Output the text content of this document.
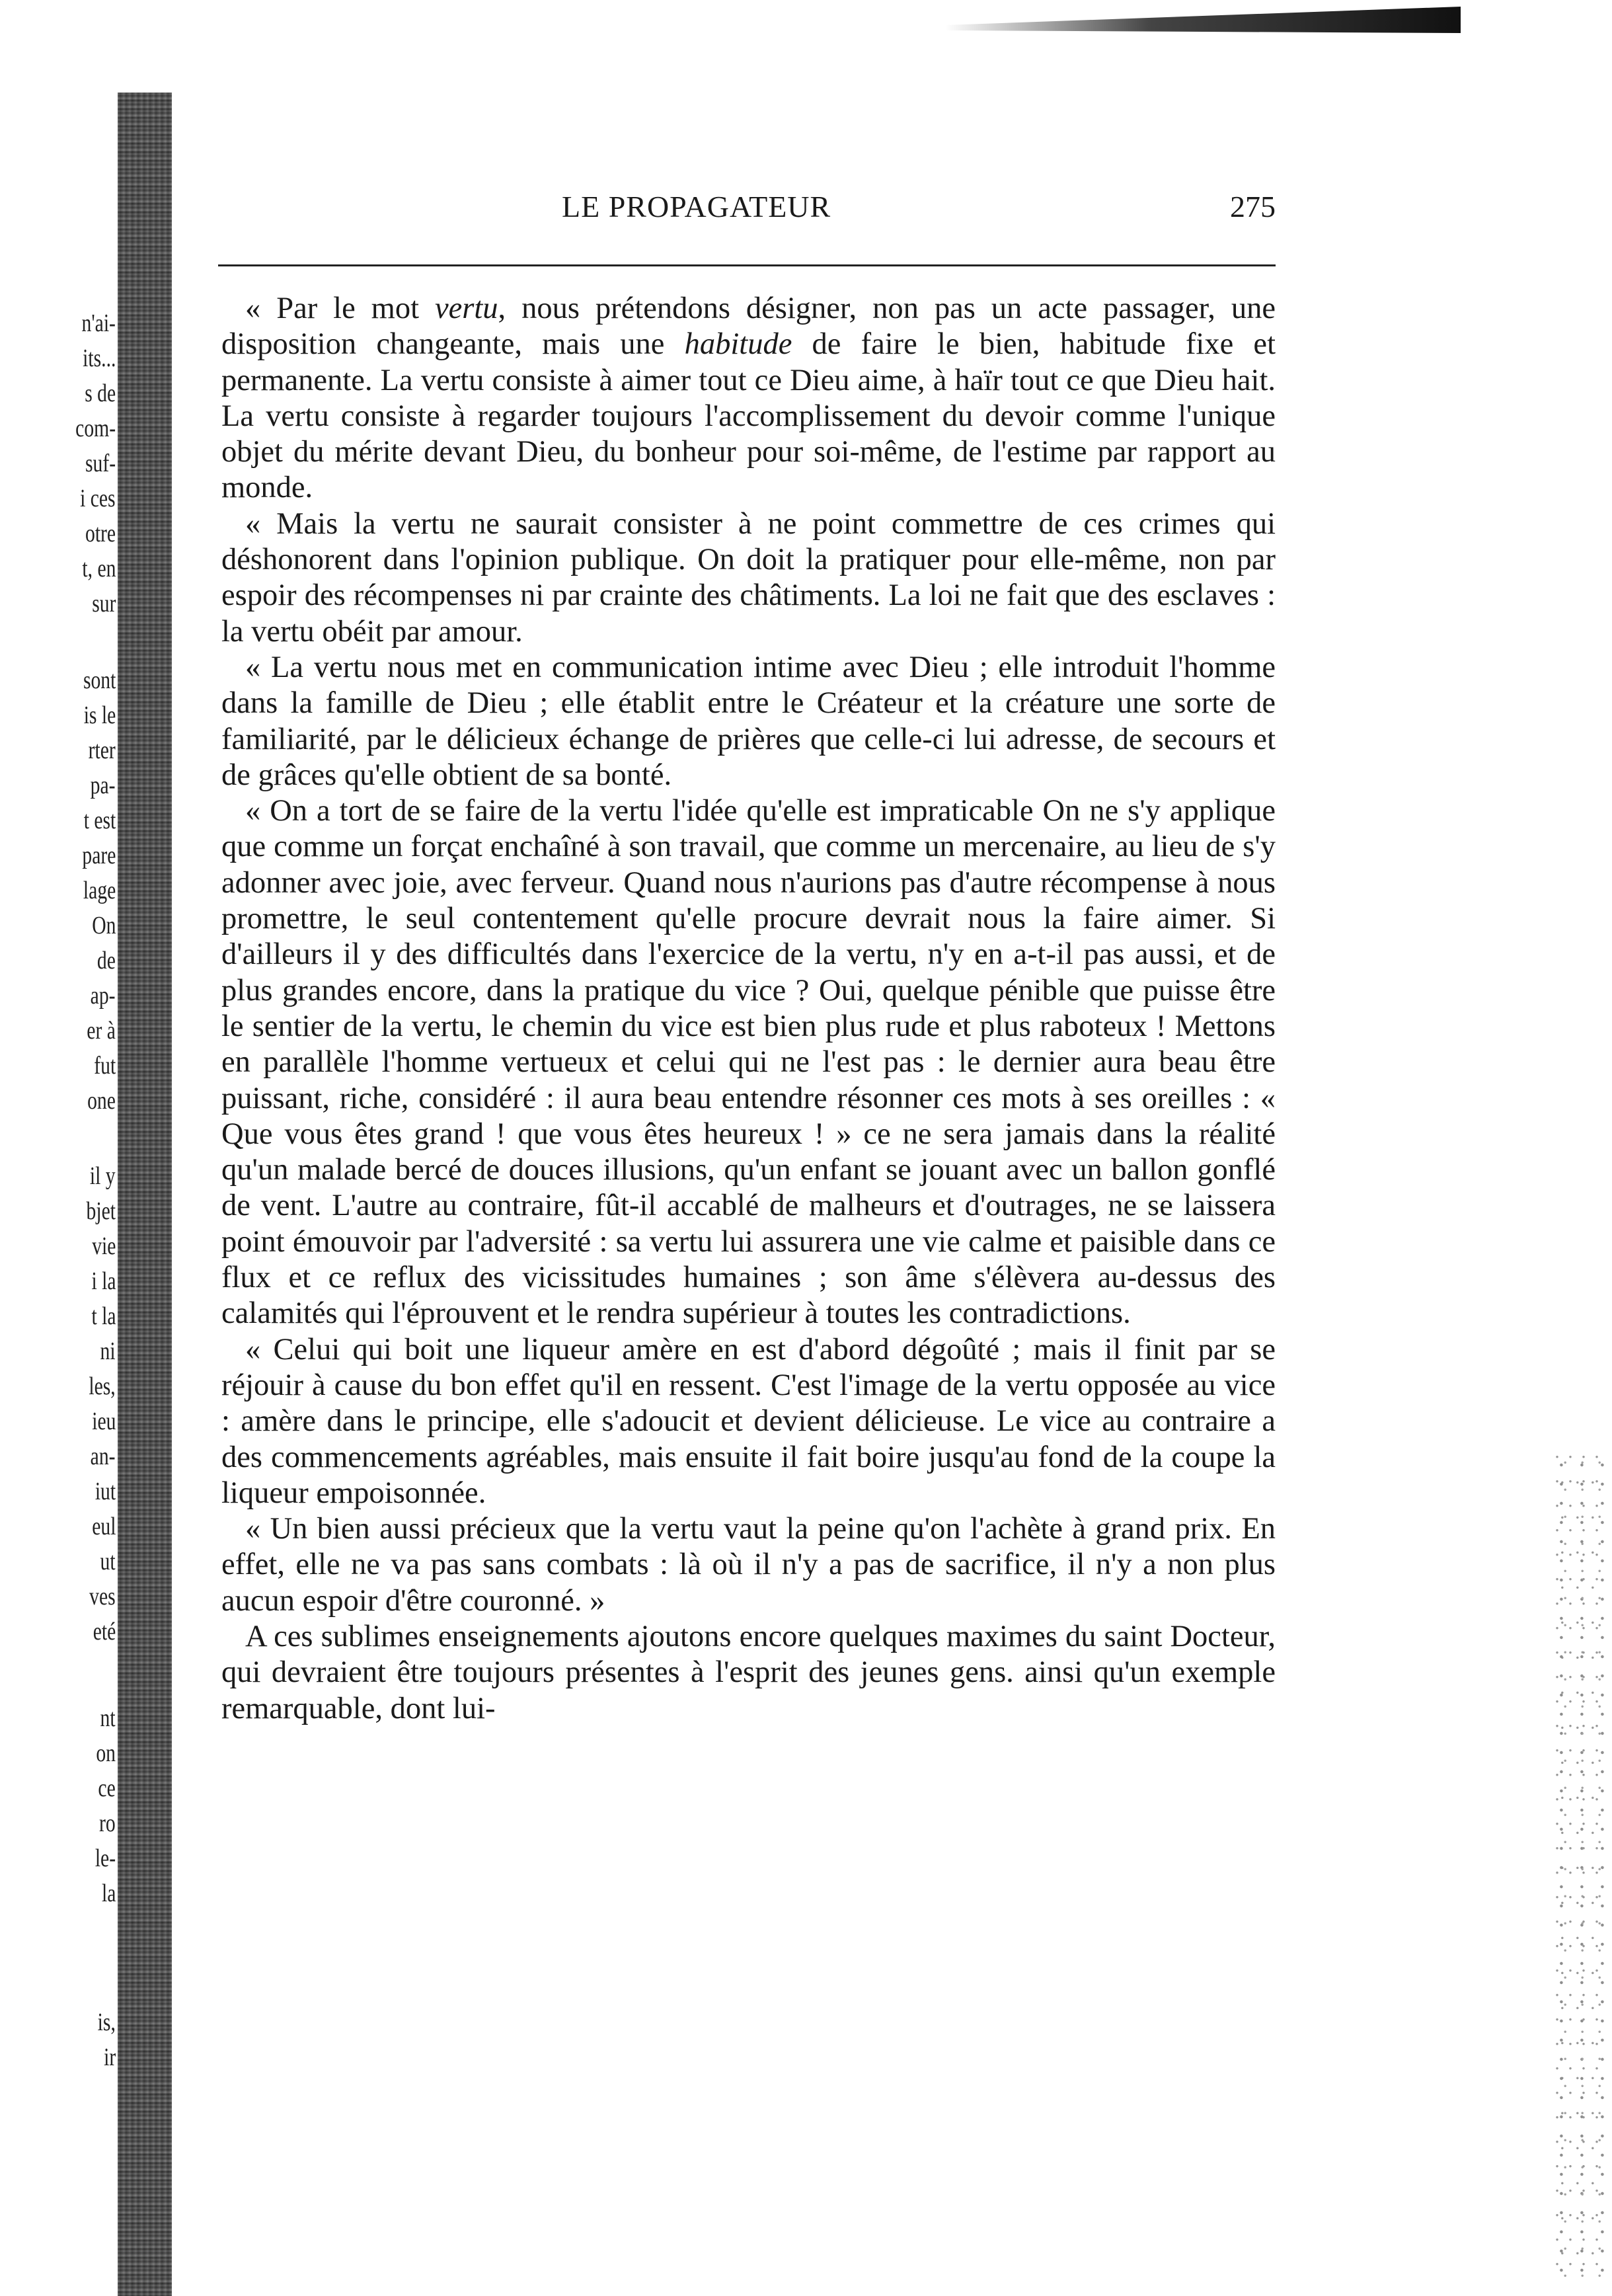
n'ai-
its...
s de
com-
suf-
i ces
otre
t, en
sur
sont
is le
rter
pa-
t est
pare
lage
On
de
ap-
er à
fut
one
il y
bjet
vie
i la
t la
ni
les,
ieu
an-
iut
eul
ut
ves
eté
nt
on
ce
ro
le-
la
is,
ir
LE PROPAGATEUR	275

« Par le mot vertu, nous prétendons désigner, non pas un acte passager, une disposition changeante, mais une habitude de faire le bien, habitude fixe et permanente. La vertu consiste à aimer tout ce Dieu aime, à haïr tout ce que Dieu hait. La vertu consiste à regarder toujours l'accomplissement du devoir comme l'unique objet du mérite devant Dieu, du bonheur pour soi-même, de l'estime par rapport au monde.

« Mais la vertu ne saurait consister à ne point commettre de ces crimes qui déshonorent dans l'opinion publique. On doit la pratiquer pour elle-même, non par espoir des récompenses ni par crainte des châtiments. La loi ne fait que des esclaves : la vertu obéit par amour.

« La vertu nous met en communication intime avec Dieu ; elle introduit l'homme dans la famille de Dieu ; elle établit entre le Créateur et la créature une sorte de familiarité, par le délicieux échange de prières que celle-ci lui adresse, de secours et de grâces qu'elle obtient de sa bonté.

« On a tort de se faire de la vertu l'idée qu'elle est impraticable On ne s'y applique que comme un forçat enchaîné à son travail, que comme un mercenaire, au lieu de s'y adonner avec joie, avec ferveur. Quand nous n'aurions pas d'autre récompense à nous promettre, le seul contentement qu'elle procure devrait nous la faire aimer. Si d'ailleurs il y des difficultés dans l'exercice de la vertu, n'y en a-t-il pas aussi, et de plus grandes encore, dans la pratique du vice ? Oui, quelque pénible que puisse être le sentier de la vertu, le chemin du vice est bien plus rude et plus raboteux ! Mettons en parallèle l'homme vertueux et celui qui ne l'est pas : le dernier aura beau être puissant, riche, considéré : il aura beau entendre résonner ces mots à ses oreilles : « Que vous êtes grand ! que vous êtes heureux ! » ce ne sera jamais dans la réalité qu'un malade bercé de douces illusions, qu'un enfant se jouant avec un ballon gonflé de vent. L'autre au contraire, fût-il accablé de malheurs et d'outrages, ne se laissera point émouvoir par l'adversité : sa vertu lui assurera une vie calme et paisible dans ce flux et ce reflux des vicissitudes humaines ; son âme s'élèvera au-dessus des calamités qui l'éprouvent et le rendra supérieur à toutes les contradictions.

« Celui qui boit une liqueur amère en est d'abord dégoûté ; mais il finit par se réjouir à cause du bon effet qu'il en ressent. C'est l'image de la vertu opposée au vice : amère dans le principe, elle s'adoucit et devient délicieuse. Le vice au contraire a des commencements agréables, mais ensuite il fait boire jusqu'au fond de la coupe la liqueur empoisonnée.

« Un bien aussi précieux que la vertu vaut la peine qu'on l'achète à grand prix. En effet, elle ne va pas sans combats : là où il n'y a pas de sacrifice, il n'y a non plus aucun espoir d'être couronné. »

A ces sublimes enseignements ajoutons encore quelques maximes du saint Docteur, qui devraient être toujours présentes à l'esprit des jeunes gens. ainsi qu'un exemple remarquable, dont lui-
